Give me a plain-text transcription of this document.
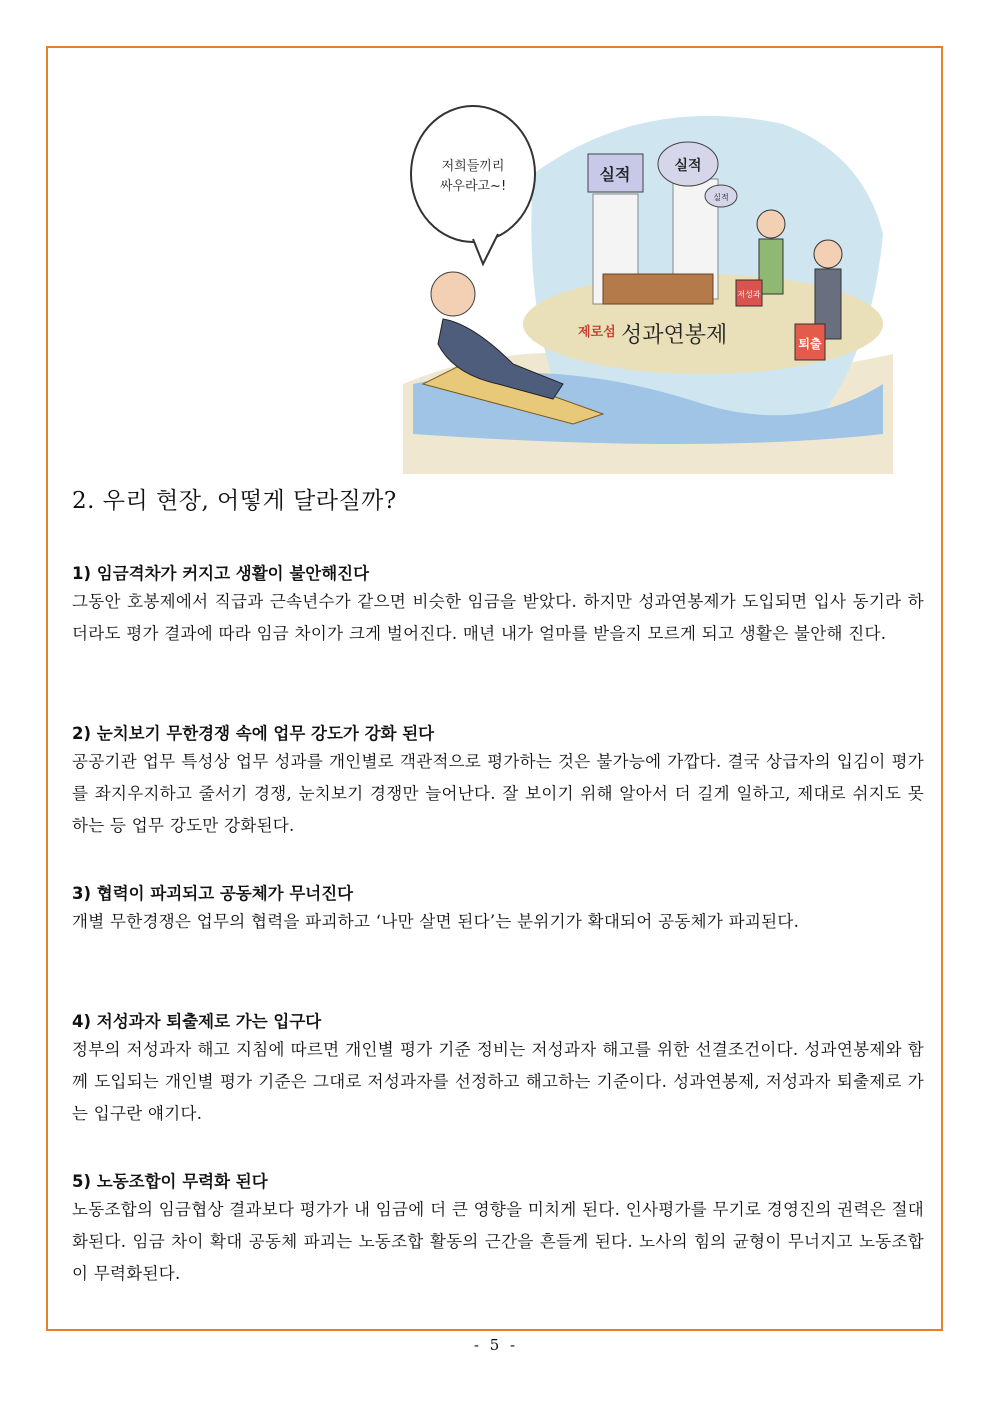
실적	실적
실적
저희들끼리
싸우라고~!
제로섬 성과연봉제
저성과
퇴출
2. 우리 현장, 어떻게 달라질까?
1) 임금격차가 커지고 생활이 불안해진다

그동안 호봉제에서 직급과 근속년수가 같으면 비슷한 임금을 받았다. 하지만 성과연봉제가 도입되면 입사 동기라 하더라도 평가 결과에 따라 임금 차이가 크게 벌어진다. 매년 내가 얼마를 받을지 모르게 되고 생활은 불안해 진다.

2) 눈치보기 무한경쟁 속에 업무 강도가 강화 된다

공공기관 업무 특성상 업무 성과를 개인별로 객관적으로 평가하는 것은 불가능에 가깝다. 결국 상급자의 입김이 평가를 좌지우지하고 줄서기 경쟁, 눈치보기 경쟁만 늘어난다. 잘 보이기 위해 알아서 더 길게 일하고, 제대로 쉬지도 못하는 등 업무 강도만 강화된다.

3) 협력이 파괴되고 공동체가 무너진다

개별 무한경쟁은 업무의 협력을 파괴하고 ‘나만 살면 된다’는 분위기가 확대되어 공동체가 파괴된다.

4) 저성과자 퇴출제로 가는 입구다

정부의 저성과자 해고 지침에 따르면 개인별 평가 기준 정비는 저성과자 해고를 위한 선결조건이다. 성과연봉제와 함께 도입되는 개인별 평가 기준은 그대로 저성과자를 선정하고 해고하는 기준이다. 성과연봉제, 저성과자 퇴출제로 가는 입구란 얘기다.

5) 노동조합이 무력화 된다

노동조합의 임금협상 결과보다 평가가 내 임금에 더 큰 영향을 미치게 된다. 인사평가를 무기로 경영진의 권력은 절대화된다. 임금 차이 확대 공동체 파괴는 노동조합 활동의 근간을 흔들게 된다. 노사의 힘의 균형이 무너지고 노동조합이 무력화된다.

- 5 -
